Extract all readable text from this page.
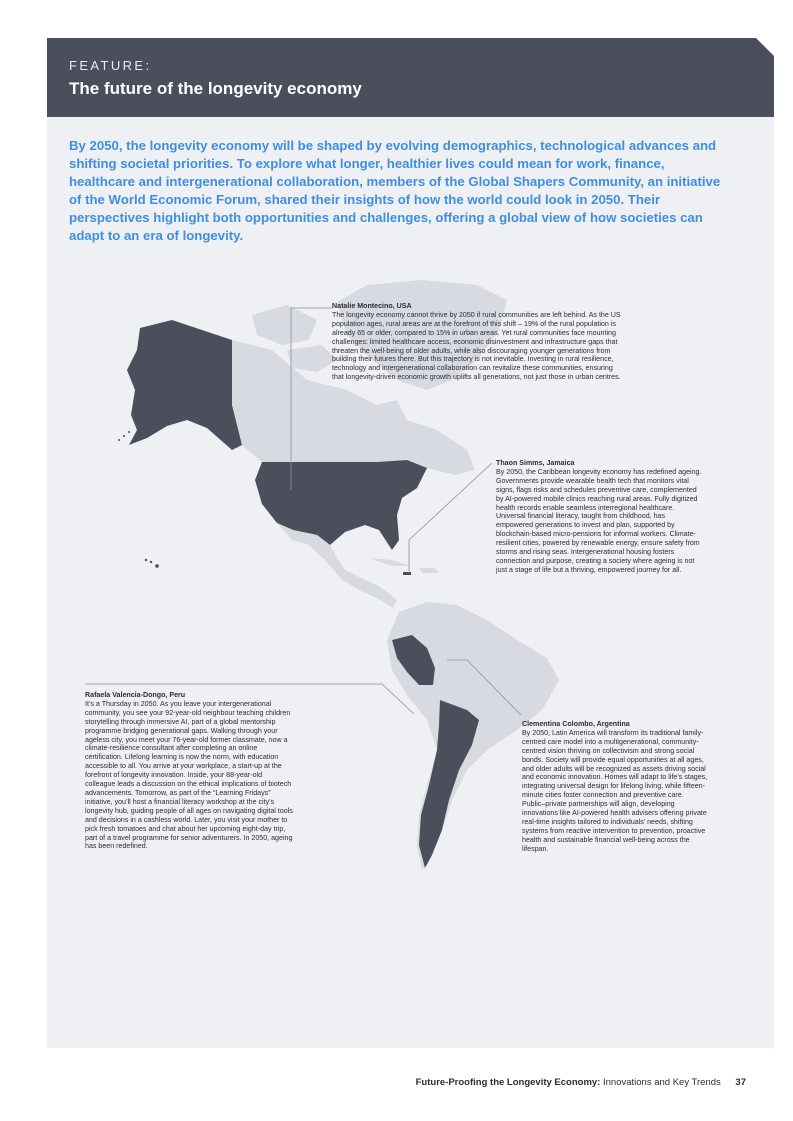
FEATURE:
The future of the longevity economy
By 2050, the longevity economy will be shaped by evolving demographics, technological advances and shifting societal priorities. To explore what longer, healthier lives could mean for work, finance, healthcare and intergenerational collaboration, members of the Global Shapers Community, an initiative of the World Economic Forum, shared their insights of how the world could look in 2050. Their perspectives highlight both opportunities and challenges, offering a global view of how societies can adapt to an era of longevity.
Natalie Montecino, USA
The longevity economy cannot thrive by 2050 if rural communities are left behind. As the US population ages, rural areas are at the forefront of this shift – 19% of the rural population is already 65 or older, compared to 15% in urban areas. Yet rural communities face mounting challenges: limited healthcare access, economic disinvestment and infrastructure gaps that threaten the well-being of older adults, while also discouraging younger generations from building their futures there. But this trajectory is not inevitable. Investing in rural resilience, technology and intergenerational collaboration can revitalize these communities, ensuring that longevity-driven economic growth uplifts all generations, not just those in urban centres.
Thaon Simms, Jamaica
By 2050, the Caribbean longevity economy has redefined ageing. Governments provide wearable health tech that monitors vital signs, flags risks and schedules preventive care, complemented by AI-powered mobile clinics reaching rural areas. Fully digitized health records enable seamless interregional healthcare. Universal financial literacy, taught from childhood, has empowered generations to invest and plan, supported by blockchain-based micro-pensions for informal workers. Climate-resilient cities, powered by renewable energy, ensure safety from storms and rising seas. Intergenerational housing fosters connection and purpose, creating a society where ageing is not just a stage of life but a thriving, empowered journey for all.
Rafaela Valencia-Dongo, Peru
It’s a Thursday in 2050. As you leave your intergenerational community, you see your 92-year-old neighbour teaching children storytelling through immersive AI, part of a global mentorship programme bridging generational gaps. Walking through your ageless city, you meet your 76-year-old former classmate, now a climate-resilience consultant after completing an online certification. Lifelong learning is now the norm, with education accessible to all. You arrive at your workplace, a start-up at the forefront of longevity innovation. Inside, your 88-year-old colleague leads a discussion on the ethical implications of biotech advancements. Tomorrow, as part of the “Learning Fridays” initiative, you’ll host a financial literacy workshop at the city’s longevity hub, guiding people of all ages on navigating digital tools and decisions in a cashless world. Later, you visit your mother to pick fresh tomatoes and chat about her upcoming eight-day trip, part of a travel programme for senior adventurers. In 2050, ageing has been redefined.
Clementina Colombo, Argentina
By 2050, Latin America will transform its traditional family-centred care model into a multigenerational, community-centred vision thriving on collectivism and strong social bonds. Society will provide equal opportunities at all ages, and older adults will be recognized as assets driving social and economic innovation. Homes will adapt to life’s stages, integrating universal design for lifelong living, while fifteen-minute cities foster connection and preventive care. Public–private partnerships will align, developing innovations like AI-powered health advisers offering private real-time insights tailored to individuals’ needs, shifting systems from reactive intervention to prevention, proactive health and sustainable financial well-being across the lifespan.
Future-Proofing the Longevity Economy: Innovations and Key Trends 37
